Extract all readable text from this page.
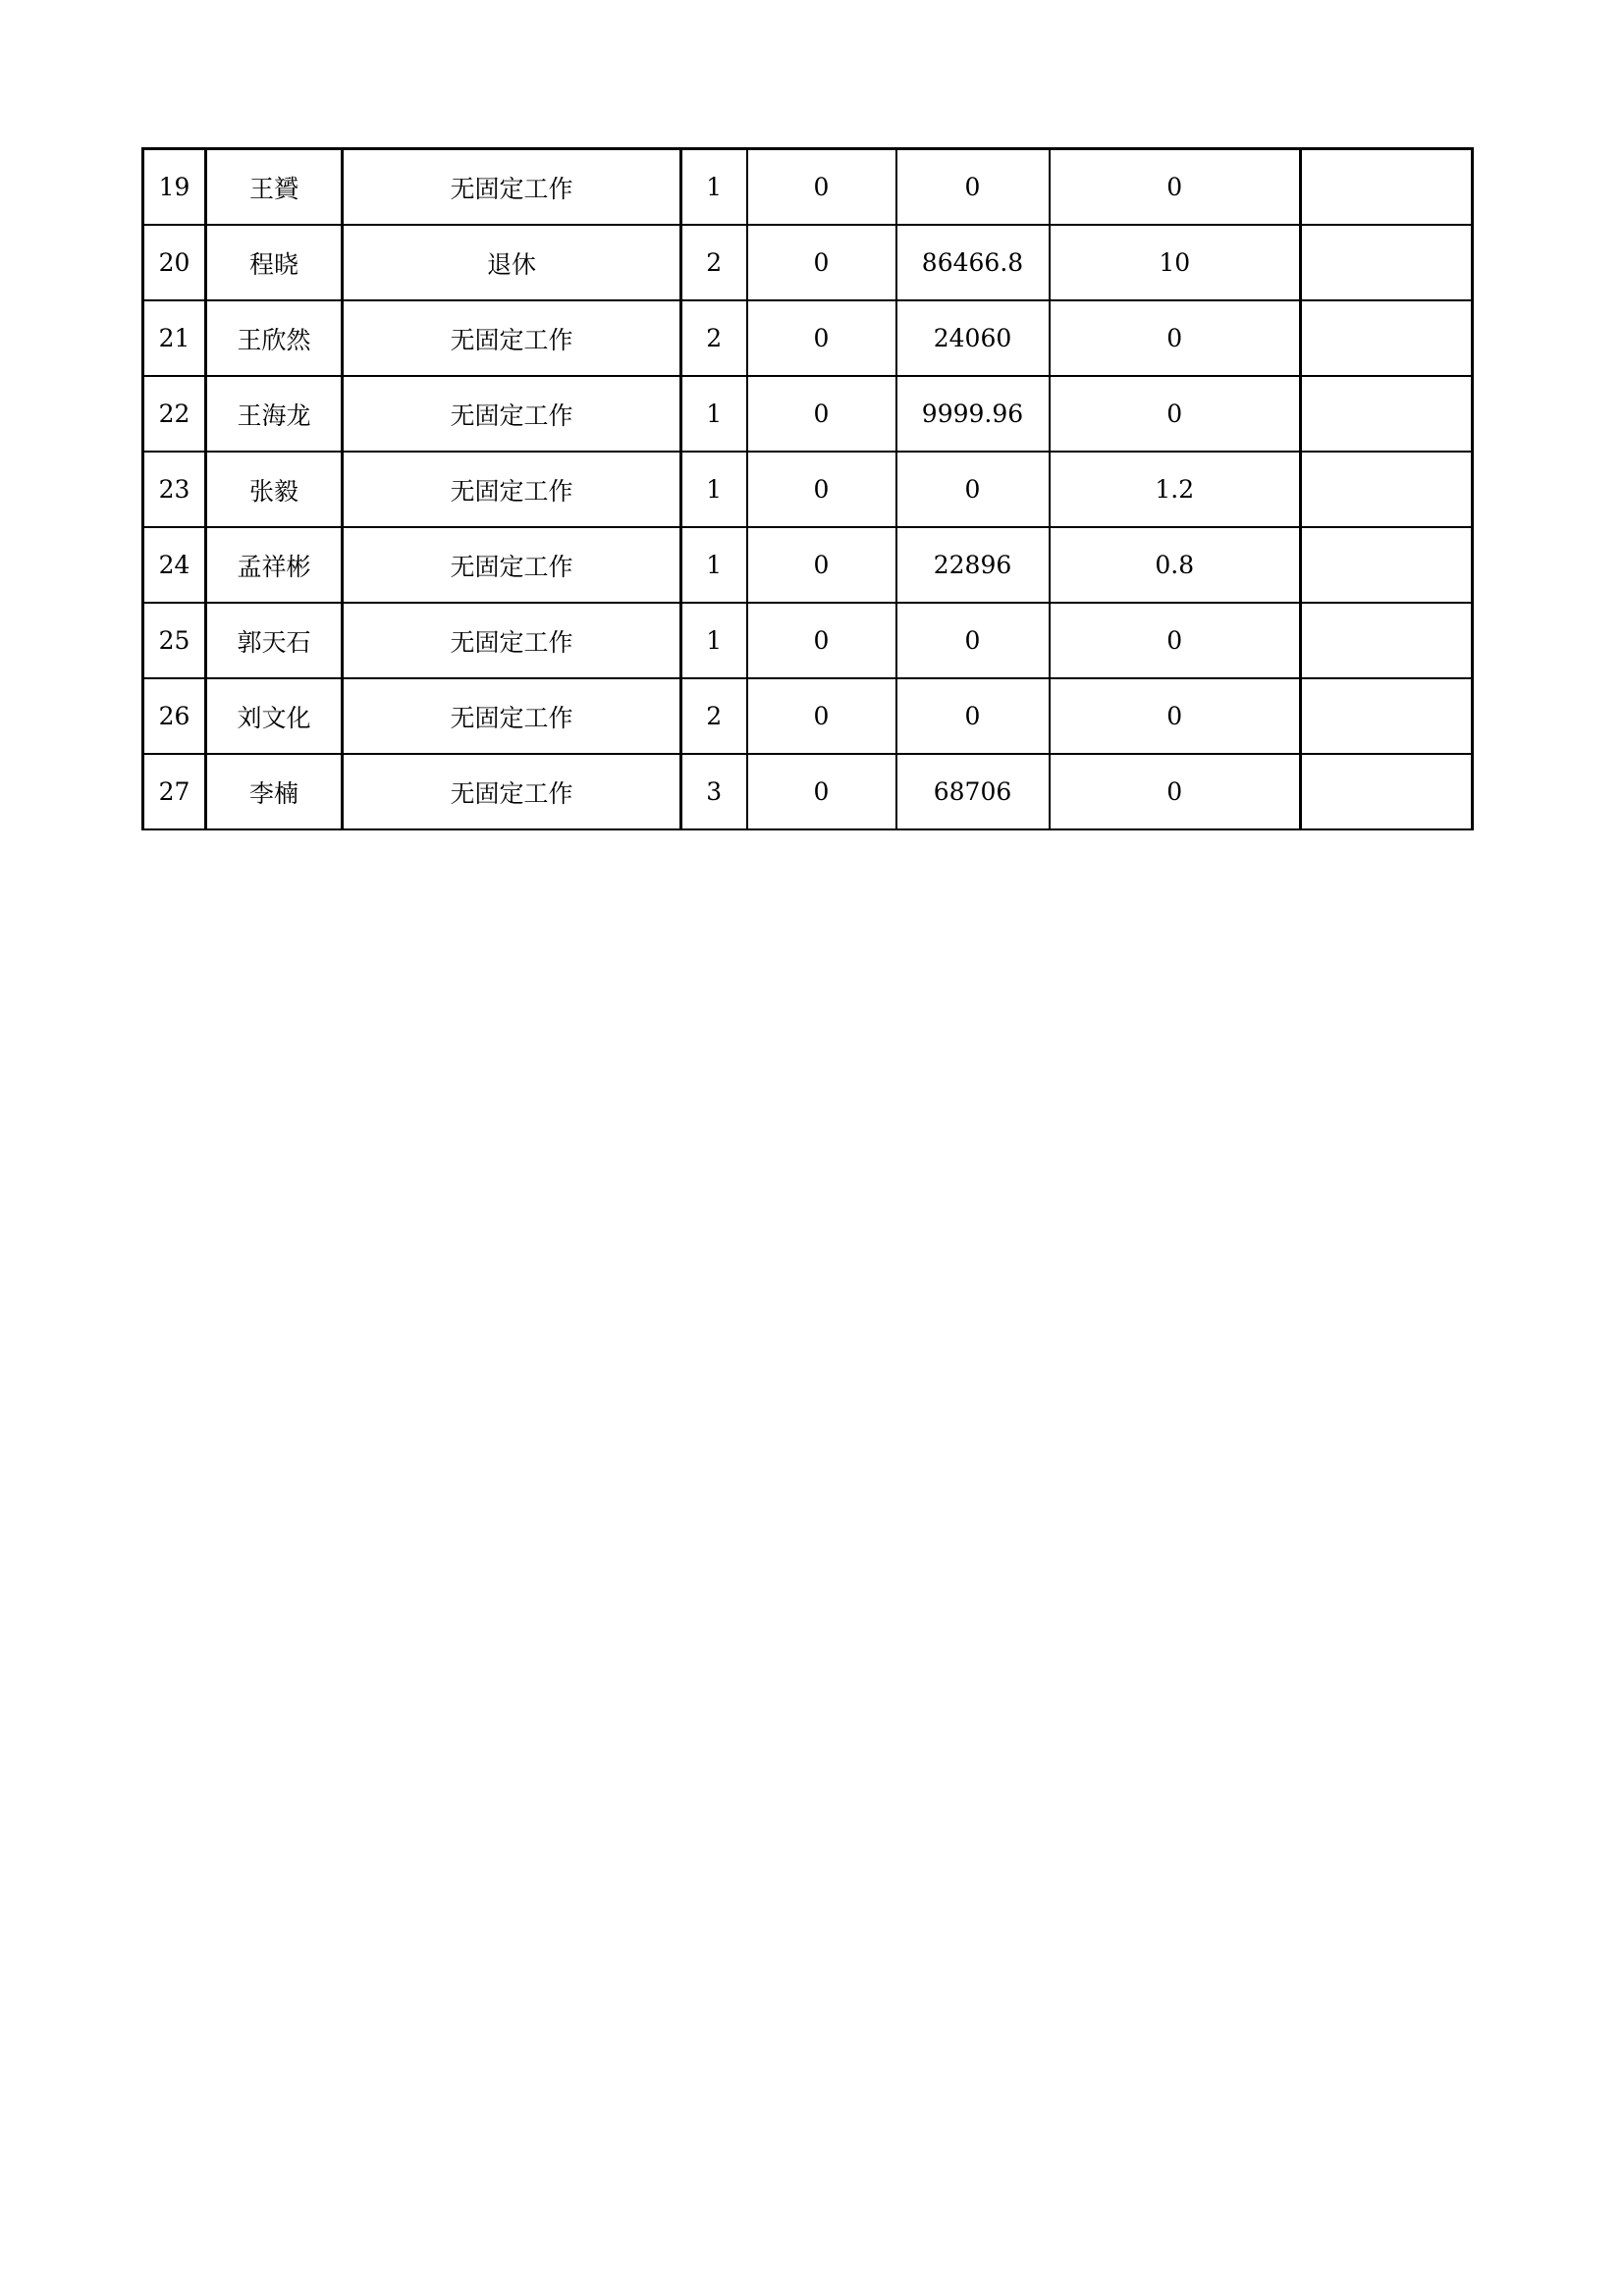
19	王贇	无固定工作	1	0	0	0	
20	程晓	退休	2	0	86466.8	10	
21	王欣然	无固定工作	2	0	24060	0	
22	王海龙	无固定工作	1	0	9999.96	0	
23	张毅	无固定工作	1	0	0	1.2	
24	孟祥彬	无固定工作	1	0	22896	0.8	
25	郭天石	无固定工作	1	0	0	0	
26	刘文化	无固定工作	2	0	0	0	
27	李楠	无固定工作	3	0	68706	0	
